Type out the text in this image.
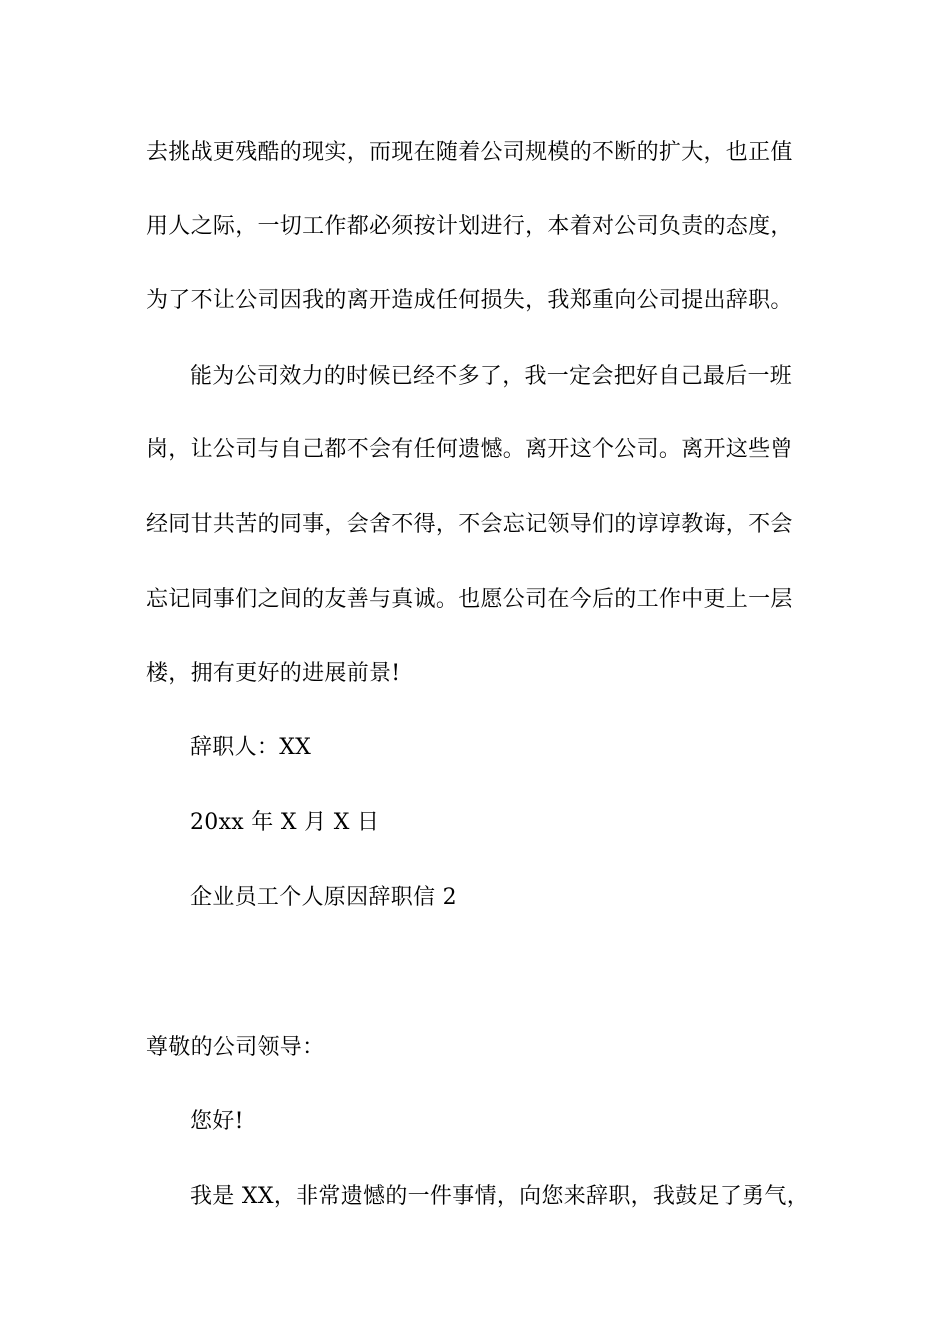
去挑战更残酷的现实，而现在随着公司规模的不断的扩大，也正值
用人之际，一切工作都必须按计划进行，本着对公司负责的态度，
为了不让公司因我的离开造成任何损失，我郑重向公司提出辞职。
能为公司效力的时候已经不多了，我一定会把好自己最后一班
岗，让公司与自己都不会有任何遗憾。离开这个公司。离开这些曾
经同甘共苦的同事，会舍不得，不会忘记领导们的谆谆教诲，不会
忘记同事们之间的友善与真诚。也愿公司在今后的工作中更上一层
楼，拥有更好的进展前景!
辞职人：XX
20xx 年 X 月 X 日
企业员工个人原因辞职信 2
尊敬的公司领导：
您好!
我是 XX，非常遗憾的一件事情，向您来辞职，我鼓足了勇气，
